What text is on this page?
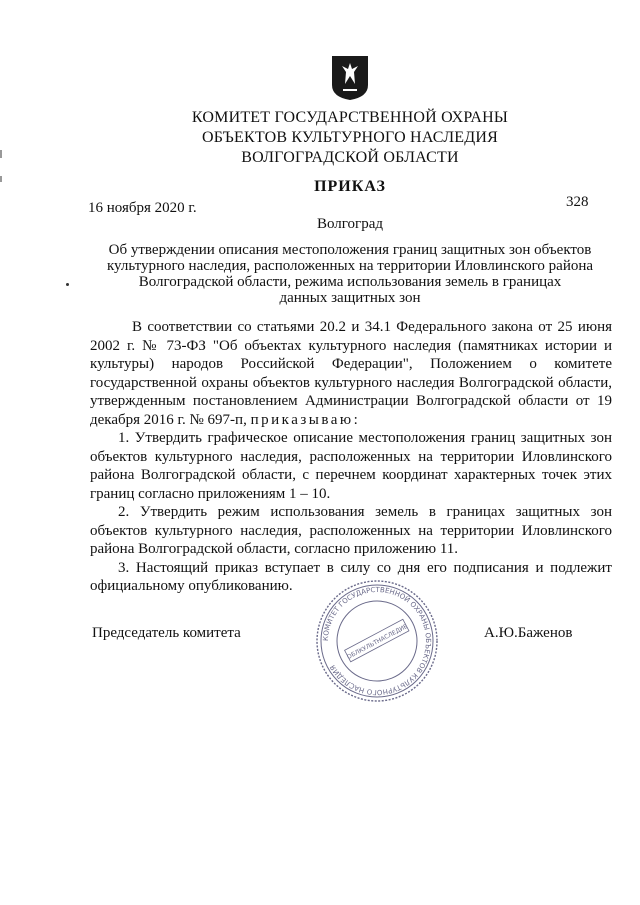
КОМИТЕТ ГОСУДАРСТВЕННОЙ ОХРАНЫ
ОБЪЕКТОВ КУЛЬТУРНОГО НАСЛЕДИЯ
ВОЛГОГРАДСКОЙ ОБЛАСТИ
ПРИКАЗ
16 ноября 2020 г.	328
Волгоград
Об утверждении описания местоположения границ защитных зон объектов
культурного наследия, расположенных на территории Иловлинского района
Волгоградской области, режима использования земель в границах
данных защитных зон

В соответствии со статьями 20.2 и 34.1 Федерального закона от 25 июня 2002 г. № 73-ФЗ "Об объектах культурного наследия (памятниках истории и культуры) народов Российской Федерации", Положением о комитете государственной охраны объектов культурного наследия Волгоградской области, утвержденным постановлением Администрации Волгоградской области от 19 декабря 2016 г. № 697-п, приказываю:

1. Утвердить графическое описание местоположения границ защитных зон объектов культурного наследия, расположенных на территории Иловлинского района Волгоградской области, с перечнем координат характерных точек этих границ согласно приложениям 1 – 10.

2. Утвердить режим использования земель в границах защитных зон объектов культурного наследия, расположенных на территории Иловлинского района Волгоградской области, согласно приложению 11.

3. Настоящий приказ вступает в силу со дня его подписания и подлежит официальному опубликованию.

Председатель комитета	А.Ю.Баженов
КОМИТЕТ ГОСУДАРСТВЕННОЙ ОХРАНЫ ОБЪЕКТОВ КУЛЬТУРНОГО НАСЛЕДИЯ
ОБЛКУЛЬТНАСЛЕДИЕ
